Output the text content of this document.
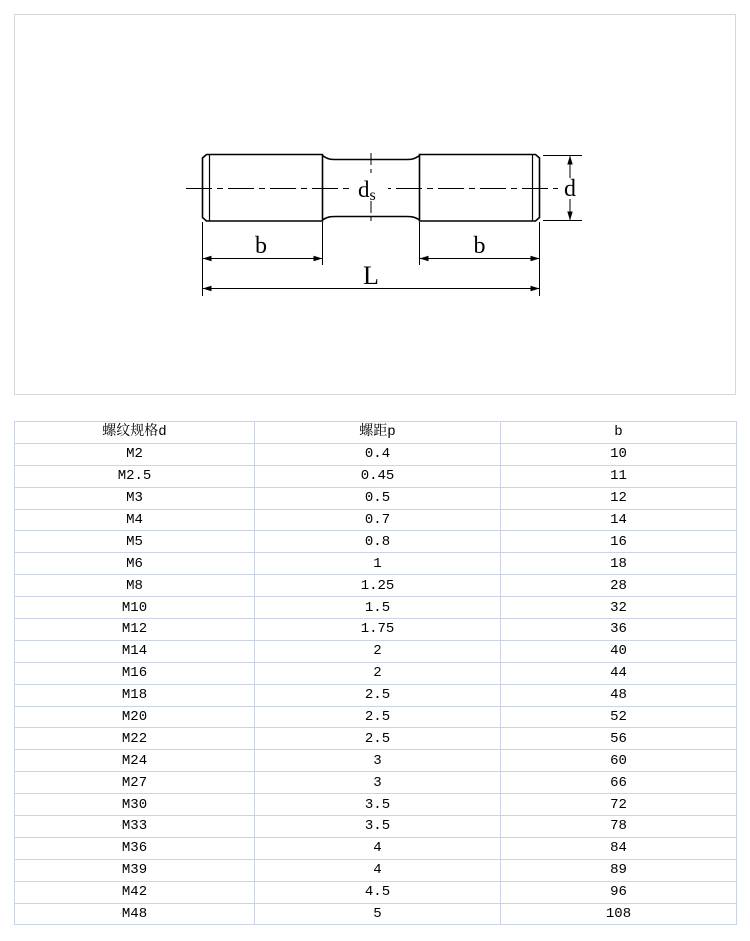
ds	d
b	b
L
螺纹规格d	螺距p	b
M2	0.4	10
M2.5	0.45	11
M3	0.5	12
M4	0.7	14
M5	0.8	16
M6	1	18
M8	1.25	28
M10	1.5	32
M12	1.75	36
M14	2	40
M16	2	44
M18	2.5	48
M20	2.5	52
M22	2.5	56
M24	3	60
M27	3	66
M30	3.5	72
M33	3.5	78
M36	4	84
M39	4	89
M42	4.5	96
M48	5	108
